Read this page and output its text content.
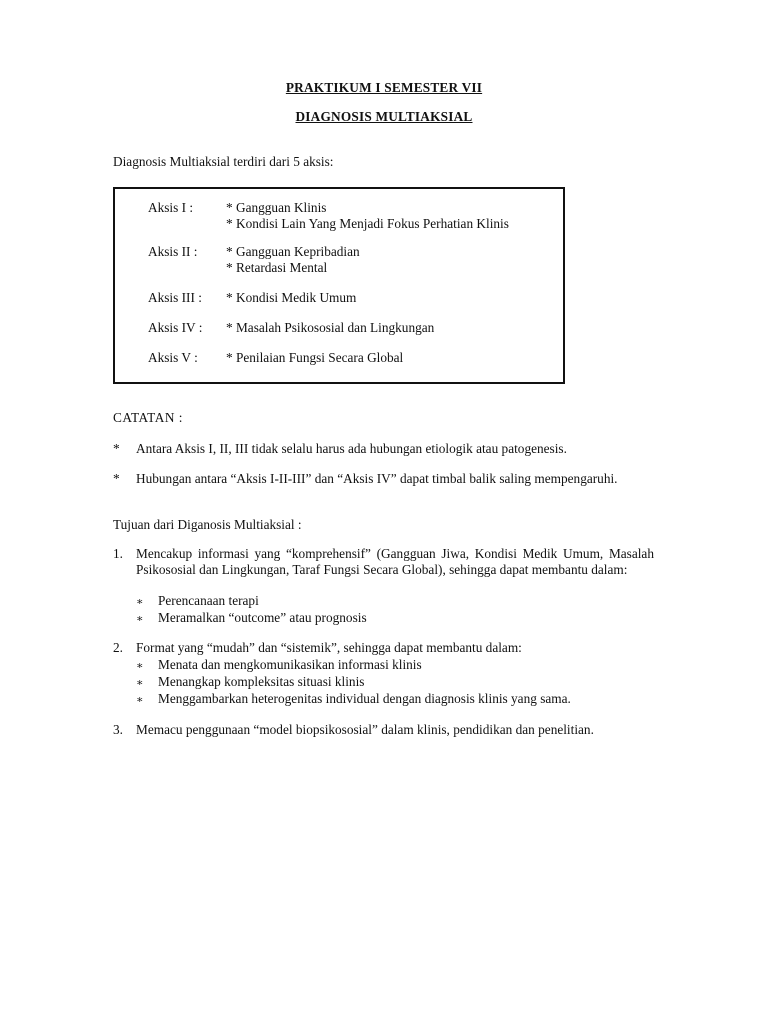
PRAKTIKUM I SEMESTER VII
DIAGNOSIS MULTIAKSIAL
Diagnosis Multiaksial terdiri dari 5 aksis:
Aksis I : * Gangguan Klinis
* Kondisi Lain Yang Menjadi Fokus Perhatian Klinis
Aksis II : * Gangguan Kepribadian
* Retardasi Mental
Aksis III : * Kondisi Medik Umum
Aksis IV : * Masalah Psikososial dan Lingkungan
Aksis V : * Penilaian Fungsi Secara Global
CATATAN :
* Antara Aksis I, II, III tidak selalu harus ada hubungan etiologik atau patogenesis.
* Hubungan antara “Aksis I-II-III” dan “Aksis IV” dapat timbal balik saling mempengaruhi.
Tujuan dari Diganosis Multiaksial :
1. Mencakup informasi yang “komprehensif” (Gangguan Jiwa, Kondisi Medik Umum, Masalah Psikososial dan Lingkungan, Taraf Fungsi Secara Global), sehingga dapat membantu dalam:
∗ Perencanaan terapi
∗ Meramalkan “outcome” atau prognosis
2. Format yang “mudah” dan “sistemik”, sehingga dapat membantu dalam:
∗ Menata dan mengkomunikasikan informasi klinis
∗ Menangkap kompleksitas situasi klinis
∗ Menggambarkan heterogenitas individual dengan diagnosis klinis yang sama.
3. Memacu penggunaan “model biopsikososial” dalam klinis, pendidikan dan penelitian.
